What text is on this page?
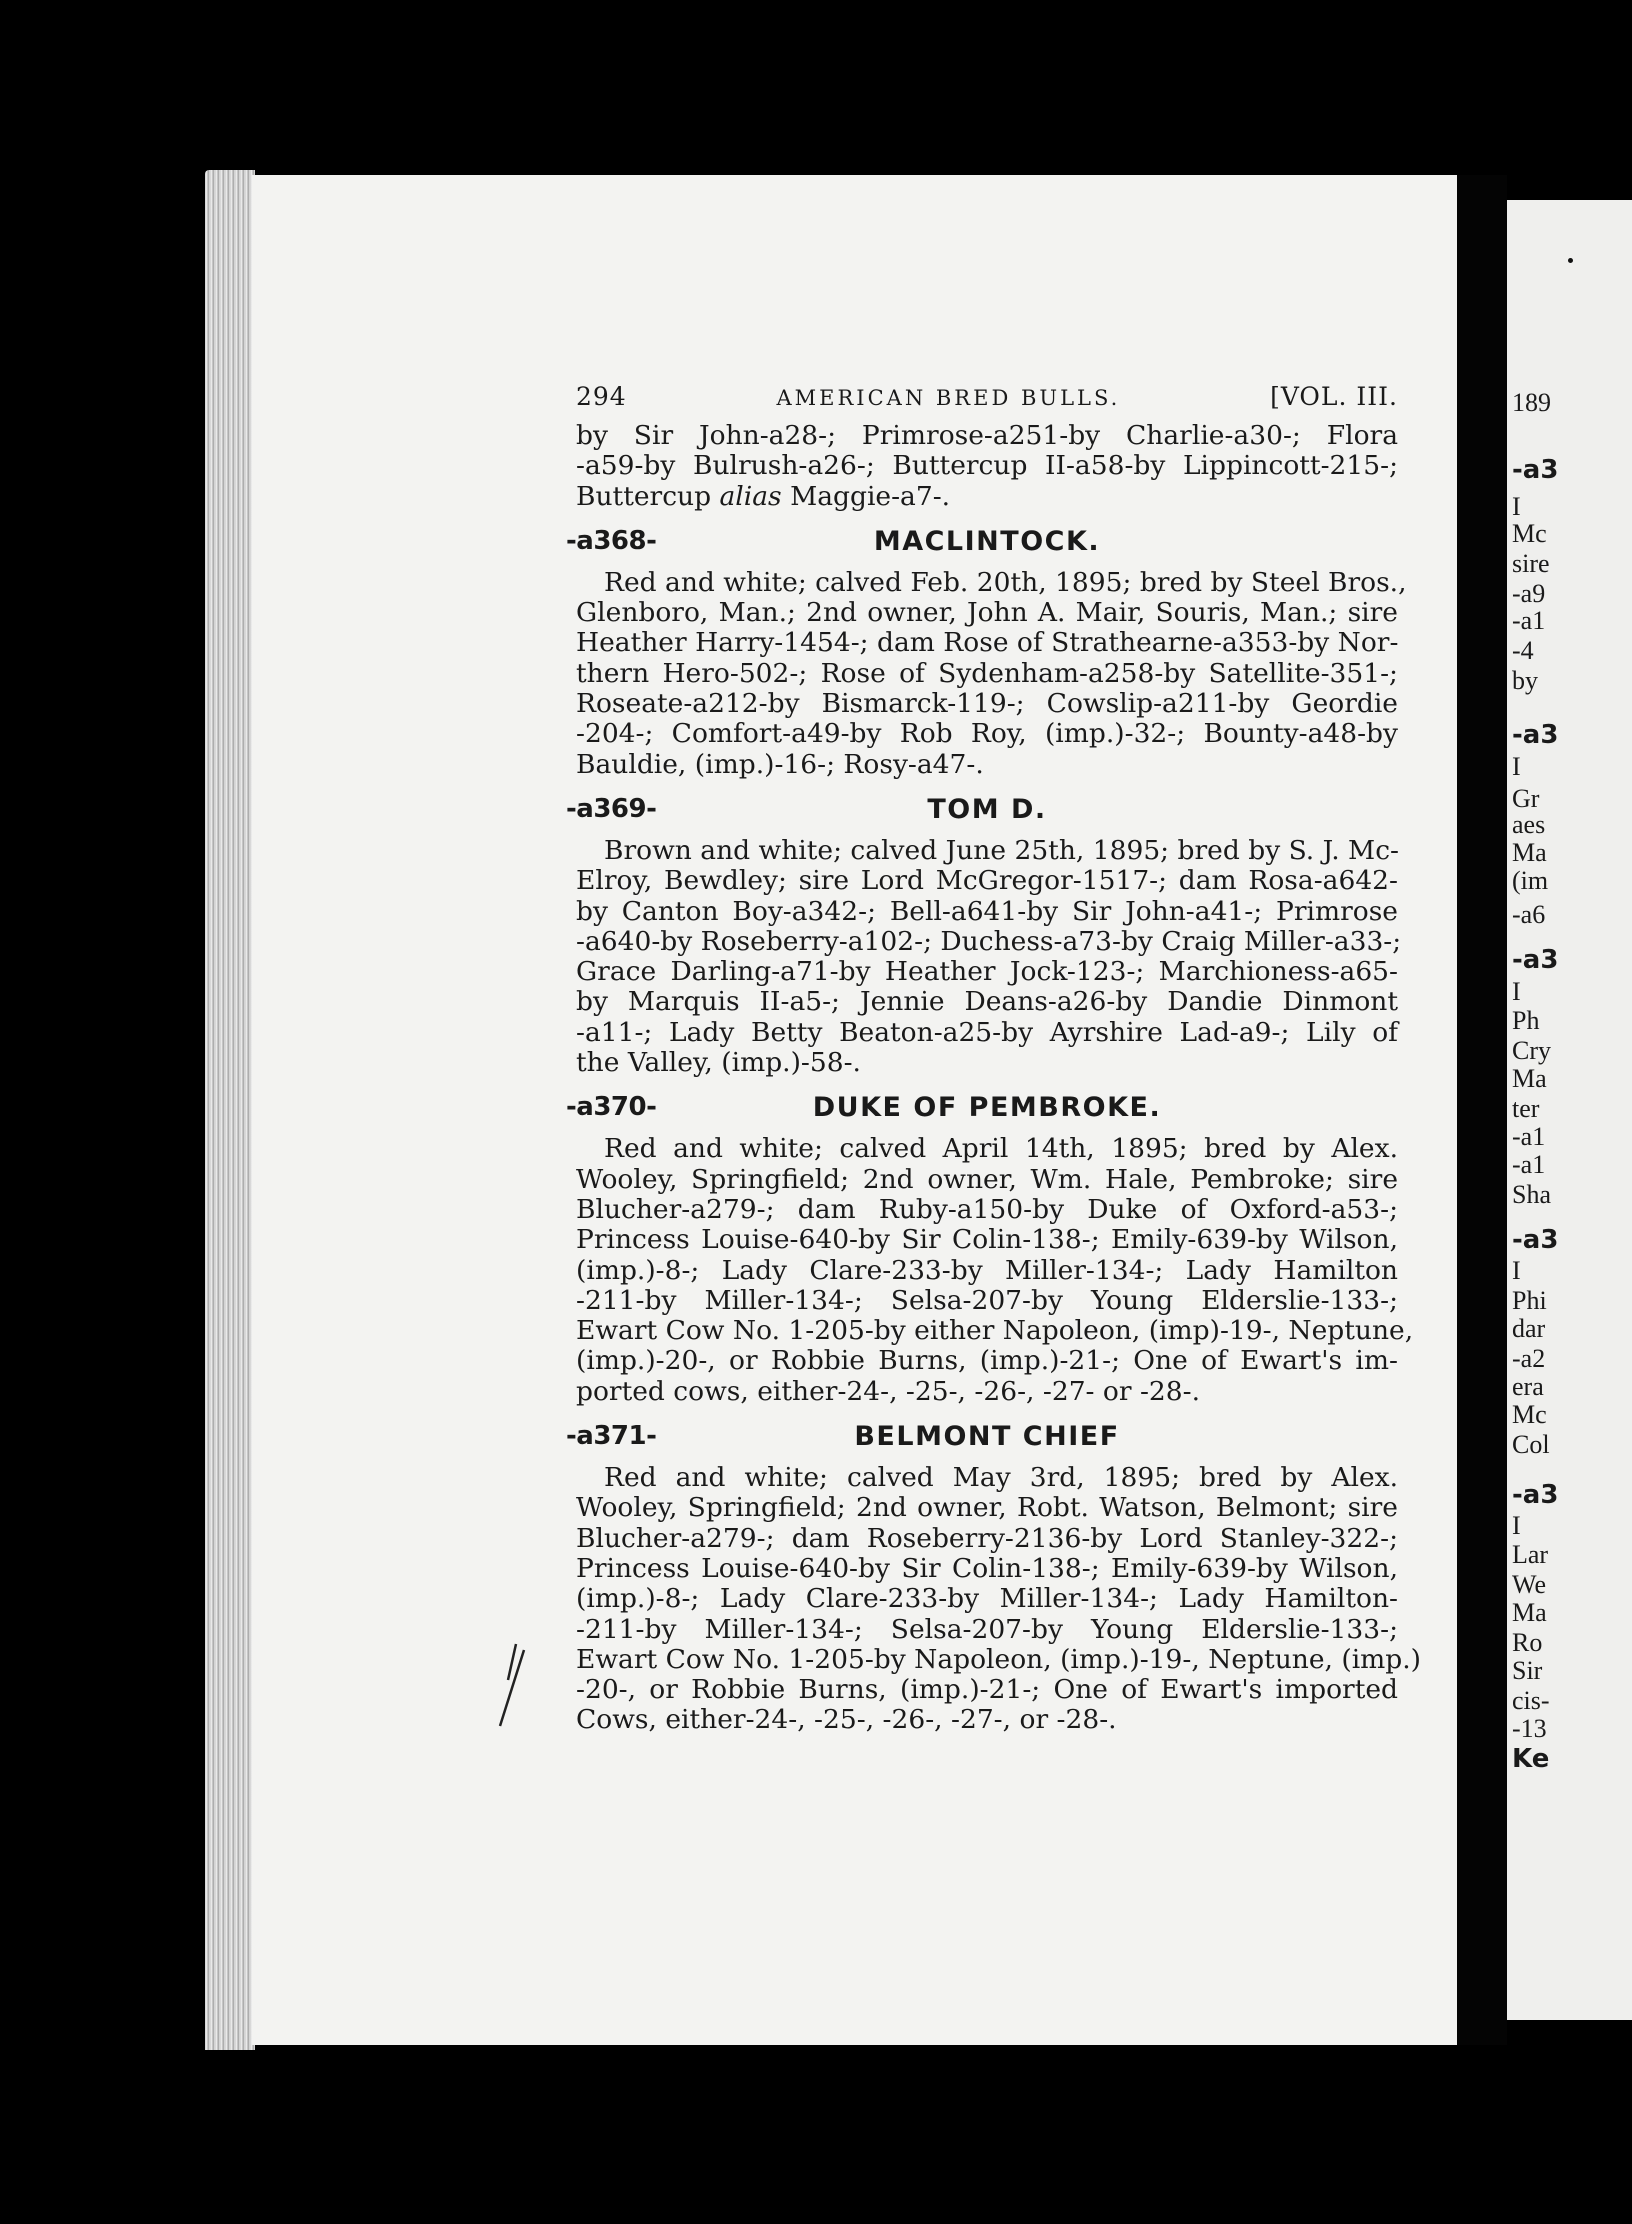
294	AMERICAN BRED BULLS.	[VOL. III.
by Sir John-a28-; Primrose-a251-by Charlie-a30-; Flora
-a59-by Bulrush-a26-; Buttercup II-a58-by Lippincott-215-;
Buttercup alias Maggie-a7-.
-a368-	MACLINTOCK.
Red and white; calved Feb. 20th, 1895; bred by Steel Bros.,
Glenboro, Man.; 2nd owner, John A. Mair, Souris, Man.; sire
Heather Harry-1454-; dam Rose of Strathearne-a353-by Nor-
thern Hero-502-; Rose of Sydenham-a258-by Satellite-351-;
Roseate-a212-by Bismarck-119-; Cowslip-a211-by Geordie
-204-; Comfort-a49-by Rob Roy, (imp.)-32-; Bounty-a48-by
Bauldie, (imp.)-16-; Rosy-a47-.
-a369-	TOM D.
Brown and white; calved June 25th, 1895; bred by S. J. Mc-
Elroy, Bewdley; sire Lord McGregor-1517-; dam Rosa-a642-
by Canton Boy-a342-; Bell-a641-by Sir John-a41-; Primrose
-a640-by Roseberry-a102-; Duchess-a73-by Craig Miller-a33-;
Grace Darling-a71-by Heather Jock-123-; Marchioness-a65-
by Marquis II-a5-; Jennie Deans-a26-by Dandie Dinmont
-a11-; Lady Betty Beaton-a25-by Ayrshire Lad-a9-; Lily of
the Valley, (imp.)-58-.
-a370-	DUKE OF PEMBROKE.
Red and white; calved April 14th, 1895; bred by Alex.
Wooley, Springfield; 2nd owner, Wm. Hale, Pembroke; sire
Blucher-a279-; dam Ruby-a150-by Duke of Oxford-a53-;
Princess Louise-640-by Sir Colin-138-; Emily-639-by Wilson,
(imp.)-8-; Lady Clare-233-by Miller-134-; Lady Hamilton
-211-by Miller-134-; Selsa-207-by Young Elderslie-133-;
Ewart Cow No. 1-205-by either Napoleon, (imp)-19-, Neptune,
(imp.)-20-, or Robbie Burns, (imp.)-21-; One of Ewart's im-
ported cows, either-24-, -25-, -26-, -27- or -28-.
-a371-	BELMONT CHIEF
Red and white; calved May 3rd, 1895; bred by Alex.
Wooley, Springfield; 2nd owner, Robt. Watson, Belmont; sire
Blucher-a279-; dam Roseberry-2136-by Lord Stanley-322-;
Princess Louise-640-by Sir Colin-138-; Emily-639-by Wilson,
(imp.)-8-; Lady Clare-233-by Miller-134-; Lady Hamilton-
-211-by Miller-134-; Selsa-207-by Young Elderslie-133-;
Ewart Cow No. 1-205-by Napoleon, (imp.)-19-, Neptune, (imp.)
-20-, or Robbie Burns, (imp.)-21-; One of Ewart's imported
Cows, either-24-, -25-, -26-, -27-, or -28-.
189
-a3
I
Mc
sire
-a9
-a1
-4
by
-a3
I
Gr
aes
Ma
(im
-a6
-a3
I
Ph
Cry
Ma
ter
-a1
-a1
Sha
-a3
I
Phi
dar
-a2
era
Mc
Col
-a3
I
Lar
We
Ma
Ro
Sir
cis-
-13
Ke
